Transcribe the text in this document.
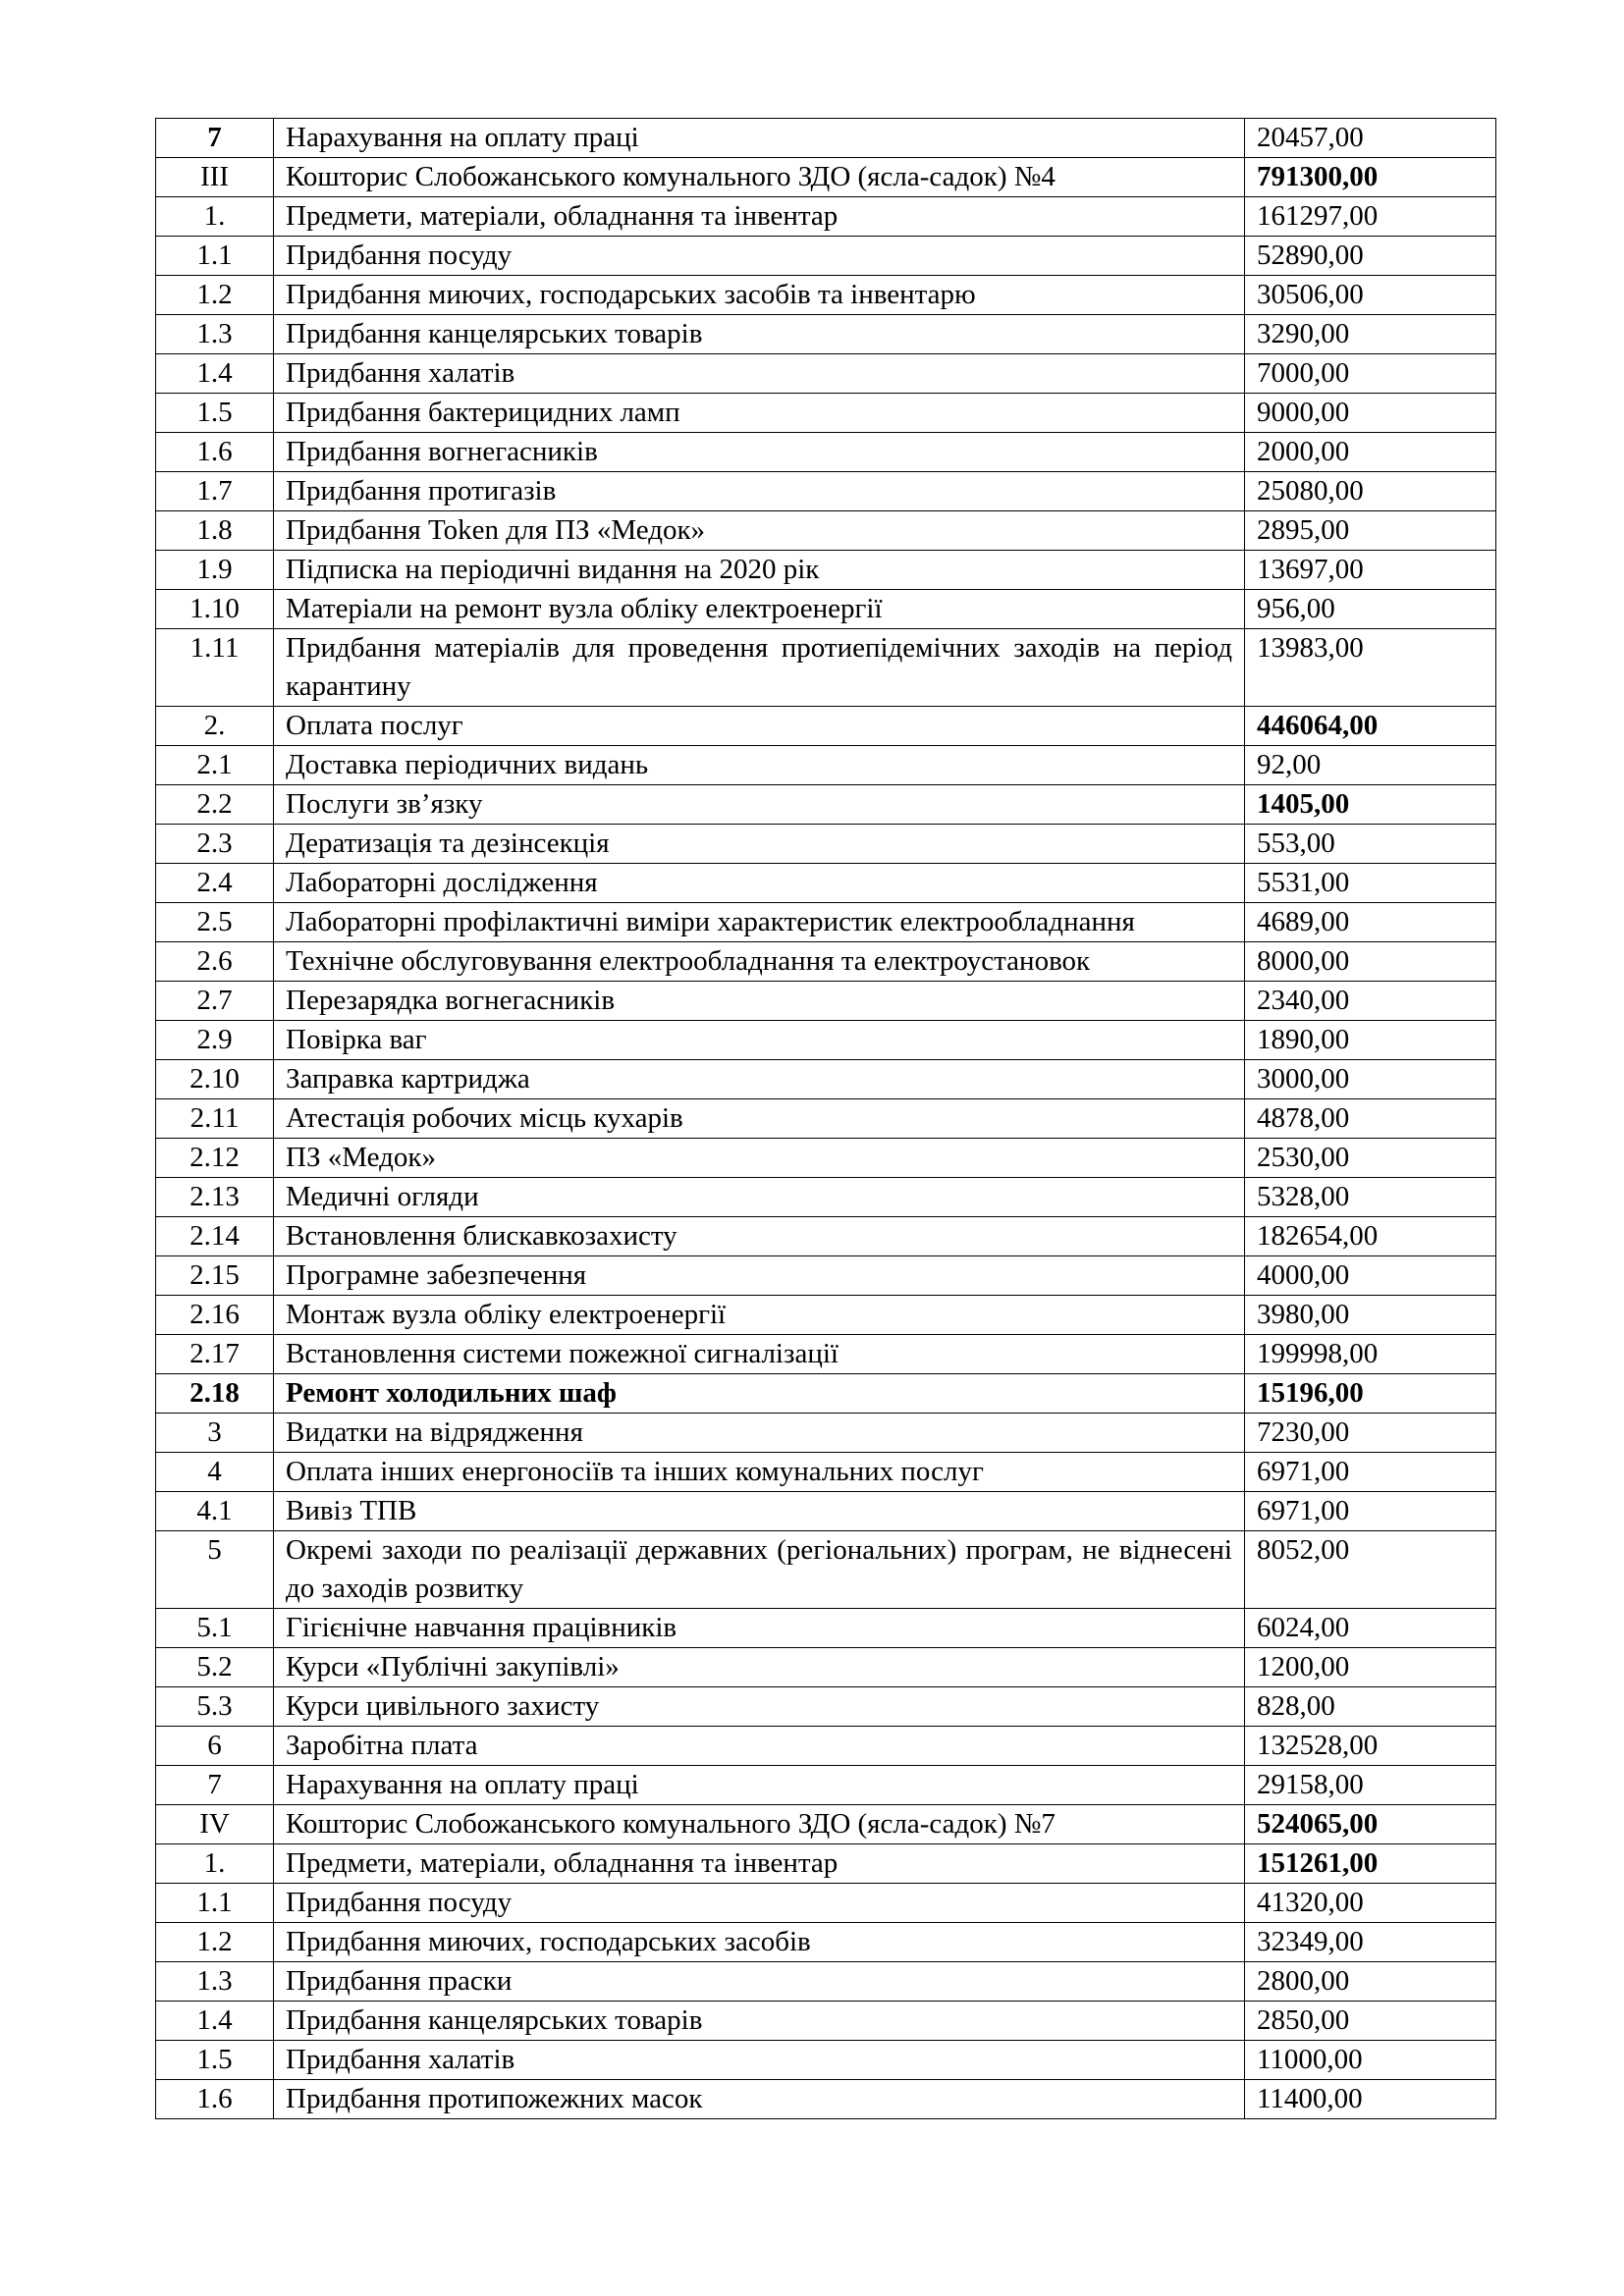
7	Нарахування на оплату праці	20457,00
III	Кошторис Слобожанського комунального ЗДО (ясла-садок) №4	791300,00
1.	Предмети, матеріали, обладнання та інвентар	161297,00
1.1	Придбання посуду	52890,00
1.2	Придбання миючих, господарських засобів та інвентарю	30506,00
1.3	Придбання канцелярських товарів	3290,00
1.4	Придбання халатів	7000,00
1.5	Придбання бактерицидних ламп	9000,00
1.6	Придбання вогнегасників	2000,00
1.7	Придбання протигазів	25080,00
1.8	Придбання Token для ПЗ «Медок»	2895,00
1.9	Підписка на періодичні видання на 2020 рік	13697,00
1.10	Матеріали на ремонт вузла обліку електроенергії	956,00
1.11	Придбання матеріалів для проведення протиепідемічних заходів на період карантину	13983,00
2.	Оплата послуг	446064,00
2.1	Доставка періодичних видань	92,00
2.2	Послуги зв’язку	1405,00
2.3	Дератизація та дезінсекція	553,00
2.4	Лабораторні дослідження	5531,00
2.5	Лабораторні профілактичні виміри характеристик електрообладнання	4689,00
2.6	Технічне обслуговування електрообладнання та електроустановок	8000,00
2.7	Перезарядка вогнегасників	2340,00
2.9	Повірка ваг	1890,00
2.10	Заправка картриджа	3000,00
2.11	Атестація робочих місць кухарів	4878,00
2.12	ПЗ «Медок»	2530,00
2.13	Медичні огляди	5328,00
2.14	Встановлення блискавкозахисту	182654,00
2.15	Програмне забезпечення	4000,00
2.16	Монтаж вузла обліку електроенергії	3980,00
2.17	Встановлення системи пожежної сигналізації	199998,00
2.18	Ремонт холодильних шаф	15196,00
3	Видатки на відрядження	7230,00
4	Оплата інших енергоносіїв та інших комунальних послуг	6971,00
4.1	Вивіз ТПВ	6971,00
5	Окремі заходи по реалізації державних (регіональних) програм, не віднесені до заходів розвитку	8052,00
5.1	Гігієнічне навчання працівників	6024,00
5.2	Курси «Публічні закупівлі»	1200,00
5.3	Курси цивільного захисту	828,00
6	Заробітна плата	132528,00
7	Нарахування на оплату праці	29158,00
IV	Кошторис Слобожанського комунального ЗДО (ясла-садок) №7	524065,00
1.	Предмети, матеріали, обладнання та інвентар	151261,00
1.1	Придбання посуду	41320,00
1.2	Придбання миючих, господарських засобів	32349,00
1.3	Придбання праски	2800,00
1.4	Придбання канцелярських товарів	2850,00
1.5	Придбання халатів	11000,00
1.6	Придбання протипожежних масок	11400,00
